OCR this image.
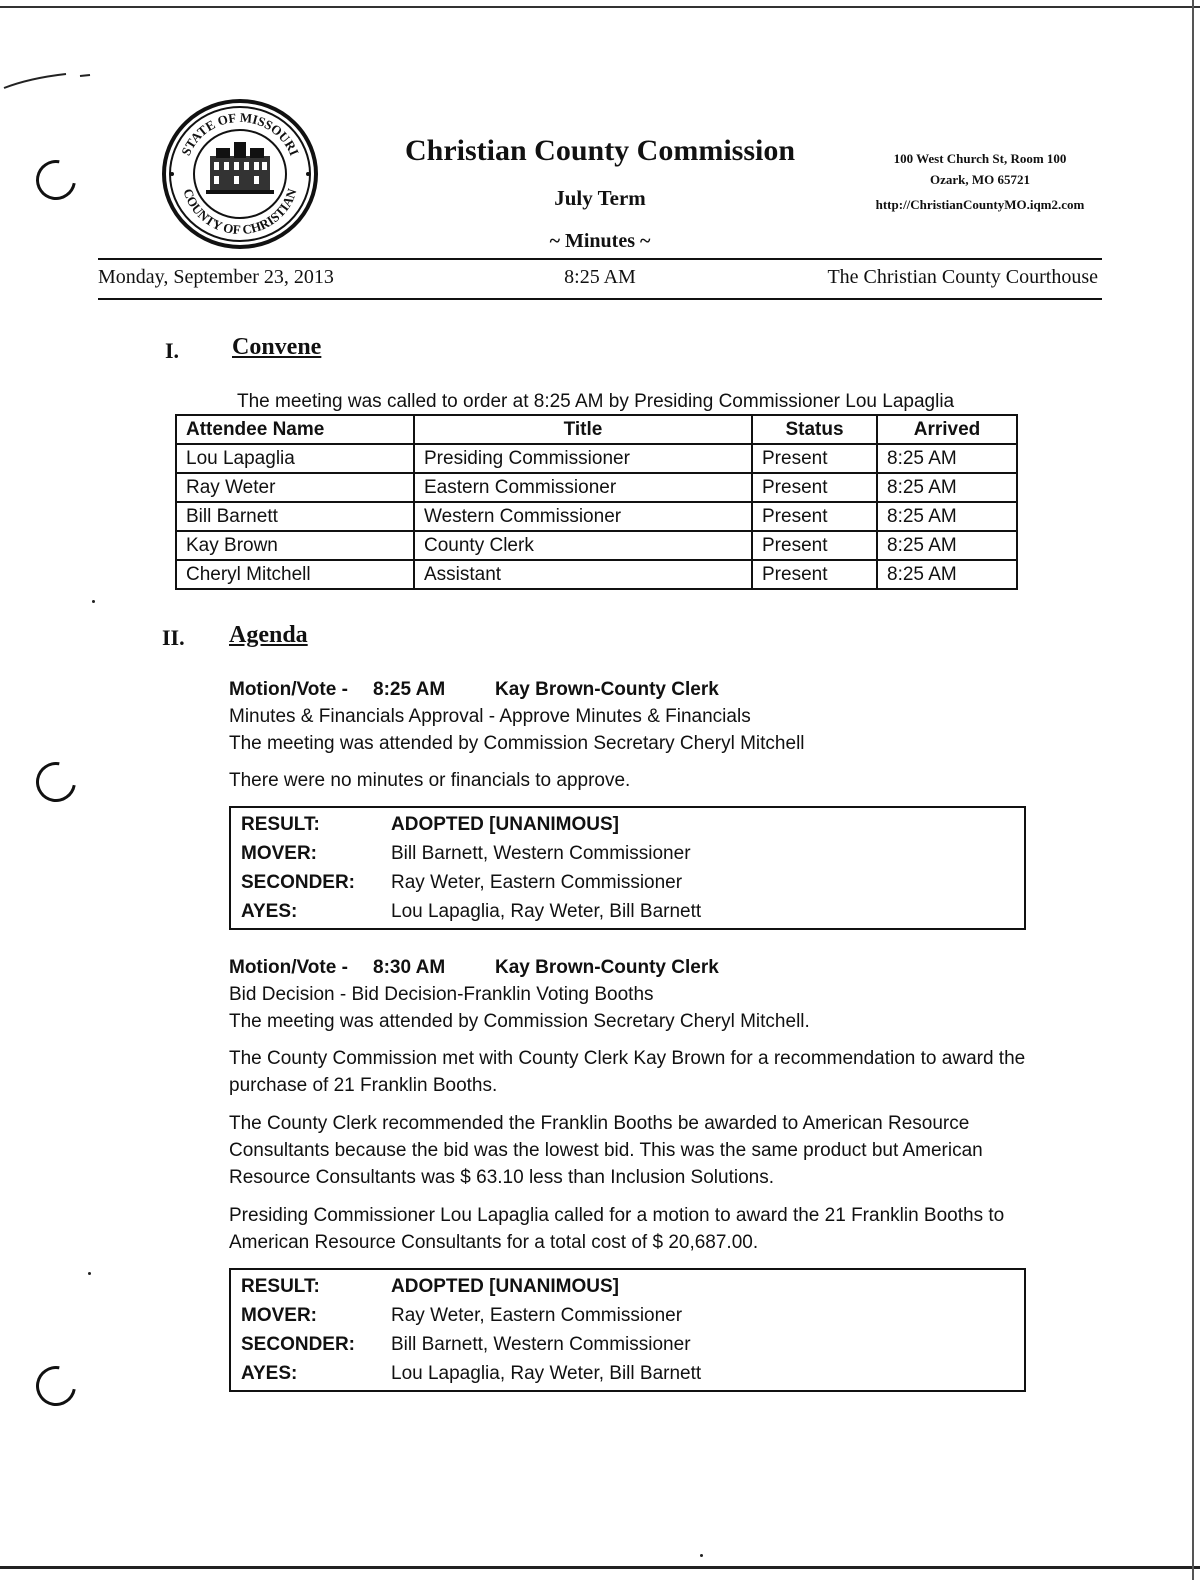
STATE OF MISSOURI
COUNTY OF CHRISTIAN
Christian County Commission
July Term
~ Minutes ~
100 West Church St, Room 100
Ozark, MO 65721
http://ChristianCountyMO.iqm2.com
Monday, September 23, 2013	8:25 AM	The Christian County Courthouse
I. Convene
The meeting was called to order at 8:25 AM by Presiding Commissioner Lou Lapaglia
Attendee Name	Title	Status	Arrived
Lou Lapaglia	Presiding Commissioner	Present	8:25 AM
Ray Weter	Eastern Commissioner	Present	8:25 AM
Bill Barnett	Western Commissioner	Present	8:25 AM
Kay Brown	County Clerk	Present	8:25 AM
Cheryl Mitchell	Assistant	Present	8:25 AM
II. Agenda
Motion/Vote - 8:25 AM	Kay Brown-County Clerk
Minutes & Financials Approval - Approve Minutes & Financials
The meeting was attended by Commission Secretary Cheryl Mitchell
There were no minutes or financials to approve.
RESULT:	ADOPTED [UNANIMOUS]
MOVER:	Bill Barnett, Western Commissioner
SECONDER:	Ray Weter, Eastern Commissioner
AYES:	Lou Lapaglia, Ray Weter, Bill Barnett
Motion/Vote - 8:30 AM	Kay Brown-County Clerk
Bid Decision - Bid Decision-Franklin Voting Booths
The meeting was attended by Commission Secretary Cheryl Mitchell.
The County Commission met with County Clerk Kay Brown for a recommendation to award the purchase of 21 Franklin Booths.
The County Clerk recommended the Franklin Booths be awarded to American Resource Consultants because the bid was the lowest bid. This was the same product but American Resource Consultants was $ 63.10 less than Inclusion Solutions.
Presiding Commissioner Lou Lapaglia called for a motion to award the 21 Franklin Booths to American Resource Consultants for a total cost of $ 20,687.00.
RESULT:	ADOPTED [UNANIMOUS]
MOVER:	Ray Weter, Eastern Commissioner
SECONDER:	Bill Barnett, Western Commissioner
AYES:	Lou Lapaglia, Ray Weter, Bill Barnett
